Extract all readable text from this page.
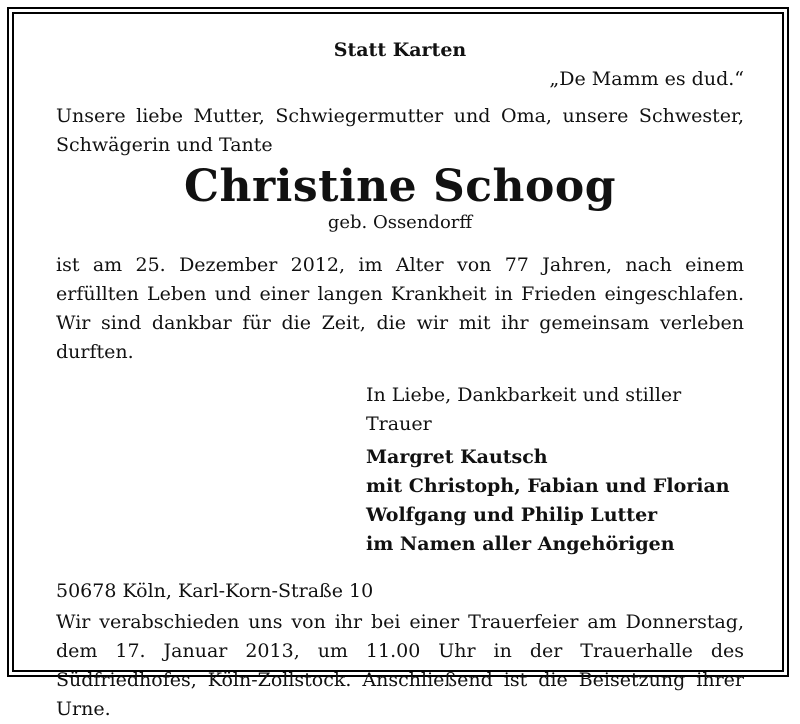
Statt Karten
„De Mamm es dud.“
Unsere liebe Mutter, Schwiegermutter und Oma, unsere Schwester, Schwägerin und Tante
Christine Schoog
geb. Ossendorff
ist am 25. Dezember 2012, im Alter von 77 Jahren, nach einem erfüllten Leben und einer langen Krankheit in Frieden eingeschlafen. Wir sind dankbar für die Zeit, die wir mit ihr gemeinsam verleben durften.
In Liebe, Dankbarkeit und stiller Trauer
Margret Kautsch
mit Christoph, Fabian und Florian
Wolfgang und Philip Lutter
im Namen aller Angehörigen
50678 Köln, Karl-Korn-Straße 10
Wir verabschieden uns von ihr bei einer Trauerfeier am Donnerstag, dem 17. Januar 2013, um 11.00 Uhr in der Trauerhalle des Südfriedhofes, Köln-Zollstock. Anschließend ist die Beisetzung ihrer Urne.
